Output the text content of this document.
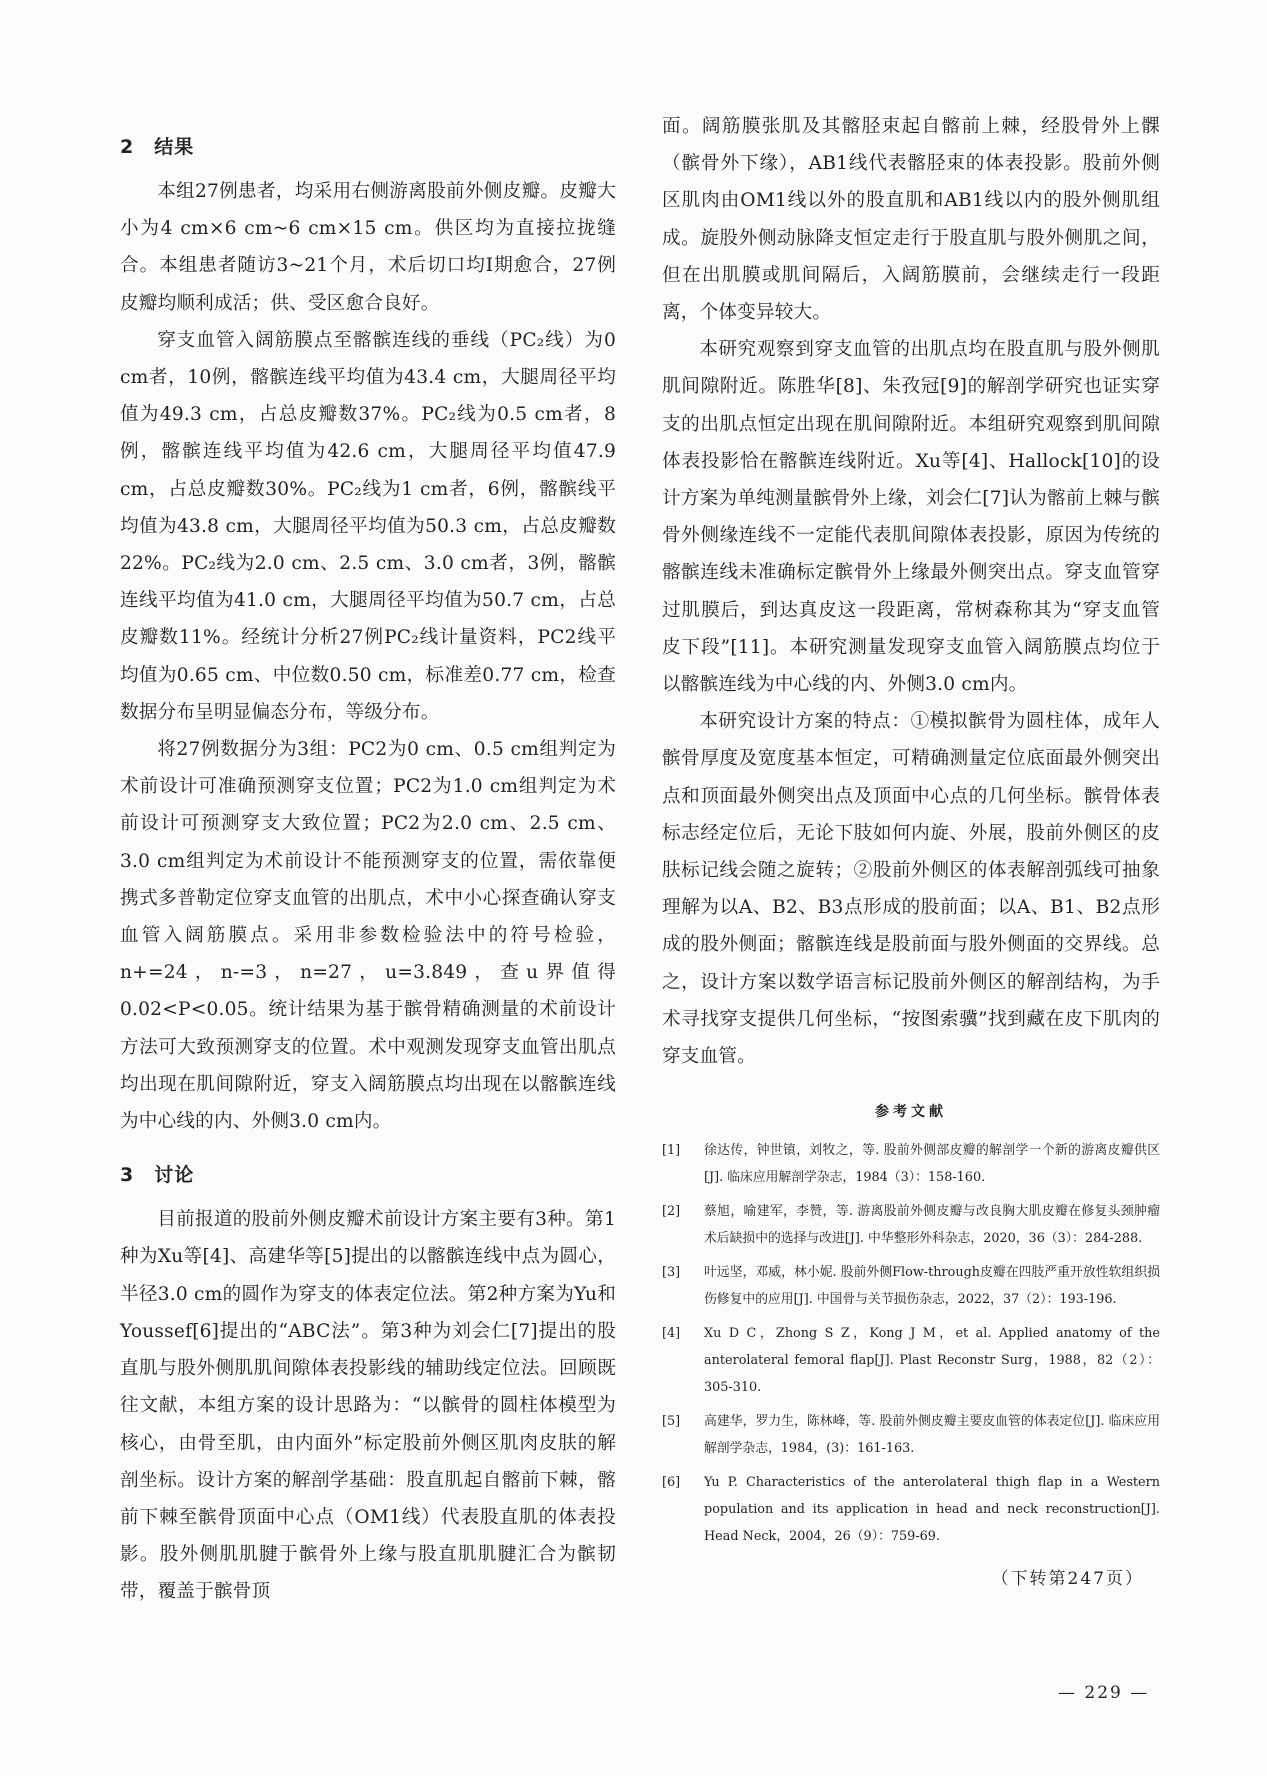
2　结果

本组27例患者，均采用右侧游离股前外侧皮瓣。皮瓣大小为4 cm×6 cm~6 cm×15 cm。供区均为直接拉拢缝合。本组患者随访3~21个月，术后切口均Ⅰ期愈合，27例皮瓣均顺利成活；供、受区愈合良好。

穿支血管入阔筋膜点至髂髌连线的垂线（PC₂线）为0 cm者，10例，髂髌连线平均值为43.4 cm，大腿周径平均值为49.3 cm，占总皮瓣数37%。PC₂线为0.5 cm者，8例，髂髌连线平均值为42.6 cm，大腿周径平均值47.9 cm，占总皮瓣数30%。PC₂线为1 cm者，6例，髂髌线平均值为43.8 cm，大腿周径平均值为50.3 cm，占总皮瓣数22%。PC₂线为2.0 cm、2.5 cm、3.0 cm者，3例，髂髌连线平均值为41.0 cm，大腿周径平均值为50.7 cm，占总皮瓣数11%。经统计分析27例PC₂线计量资料，PC2线平均值为0.65 cm、中位数0.50 cm，标准差0.77 cm，检查数据分布呈明显偏态分布，等级分布。

将27例数据分为3组：PC2为0 cm、0.5 cm组判定为术前设计可准确预测穿支位置；PC2为1.0 cm组判定为术前设计可预测穿支大致位置；PC2为2.0 cm、2.5 cm、3.0 cm组判定为术前设计不能预测穿支的位置，需依靠便携式多普勒定位穿支血管的出肌点，术中小心探查确认穿支血管入阔筋膜点。采用非参数检验法中的符号检验，n+=24，n-=3，n=27，u=3.849，查u界值得0.02<P<0.05。统计结果为基于髌骨精确测量的术前设计方法可大致预测穿支的位置。术中观测发现穿支血管出肌点均出现在肌间隙附近，穿支入阔筋膜点均出现在以髂髌连线为中心线的内、外侧3.0 cm内。

3　讨论

目前报道的股前外侧皮瓣术前设计方案主要有3种。第1种为Xu等[4]、高建华等[5]提出的以髂髌连线中点为圆心，半径3.0 cm的圆作为穿支的体表定位法。第2种方案为Yu和Youssef[6]提出的“ABC法”。第3种为刘会仁[7]提出的股直肌与股外侧肌肌间隙体表投影线的辅助线定位法。回顾既往文献，本组方案的设计思路为：“以髌骨的圆柱体模型为核心，由骨至肌，由内面外”标定股前外侧区肌肉皮肤的解剖坐标。设计方案的解剖学基础：股直肌起自髂前下棘，髂前下棘至髌骨顶面中心点（OM1线）代表股直肌的体表投影。股外侧肌肌腱于髌骨外上缘与股直肌肌腱汇合为髌韧带，覆盖于髌骨顶

面。阔筋膜张肌及其髂胫束起自髂前上棘，经股骨外上髁（髌骨外下缘），AB1线代表髂胫束的体表投影。股前外侧区肌肉由OM1线以外的股直肌和AB1线以内的股外侧肌组成。旋股外侧动脉降支恒定走行于股直肌与股外侧肌之间，但在出肌膜或肌间隔后，入阔筋膜前，会继续走行一段距离，个体变异较大。

本研究观察到穿支血管的出肌点均在股直肌与股外侧肌肌间隙附近。陈胜华[8]、朱孜冠[9]的解剖学研究也证实穿支的出肌点恒定出现在肌间隙附近。本组研究观察到肌间隙体表投影恰在髂髌连线附近。Xu等[4]、Hallock[10]的设计方案为单纯测量髌骨外上缘，刘会仁[7]认为髂前上棘与髌骨外侧缘连线不一定能代表肌间隙体表投影，原因为传统的髂髌连线未准确标定髌骨外上缘最外侧突出点。穿支血管穿过肌膜后，到达真皮这一段距离，常树森称其为“穿支血管皮下段”[11]。本研究测量发现穿支血管入阔筋膜点均位于以髂髌连线为中心线的内、外侧3.0 cm内。

本研究设计方案的特点：①模拟髌骨为圆柱体，成年人髌骨厚度及宽度基本恒定，可精确测量定位底面最外侧突出点和顶面最外侧突出点及顶面中心点的几何坐标。髌骨体表标志经定位后，无论下肢如何内旋、外展，股前外侧区的皮肤标记线会随之旋转；②股前外侧区的体表解剖弧线可抽象理解为以A、B2、B3点形成的股前面；以A、B1、B2点形成的股外侧面；髂髌连线是股前面与股外侧面的交界线。总之，设计方案以数学语言标记股前外侧区的解剖结构，为手术寻找穿支提供几何坐标，“按图索骥”找到藏在皮下肌肉的穿支血管。

参考文献
[1]	徐达传，钟世镇，刘牧之，等. 股前外侧部皮瓣的解剖学一个新的游离皮瓣供区[J]. 临床应用解剖学杂志，1984（3）：158-160.
[2]	蔡旭，喻建军，李赞，等. 游离股前外侧皮瓣与改良胸大肌皮瓣在修复头颈肿瘤术后缺损中的选择与改进[J]. 中华整形外科杂志，2020，36（3）：284-288.
[3]	叶远坚，邓威，林小妮. 股前外侧Flow-through皮瓣在四肢严重开放性软组织损伤修复中的应用[J]. 中国骨与关节损伤杂志，2022，37（2）：193-196.
[4]	Xu D C，Zhong S Z，Kong J M，et al. Applied anatomy of the anterolateral femoral flap[J]. Plast Reconstr Surg，1988，82（2）：305-310.
[5]	高建华，罗力生，陈林峰，等. 股前外侧皮瓣主要皮血管的体表定位[J]. 临床应用解剖学杂志，1984，(3)：161-163.
[6]	Yu P. Characteristics of the anterolateral thigh flap in a Western population and its application in head and neck reconstruction[J]. Head Neck，2004，26（9）：759-69.
（下转第247页）
— 229 —
